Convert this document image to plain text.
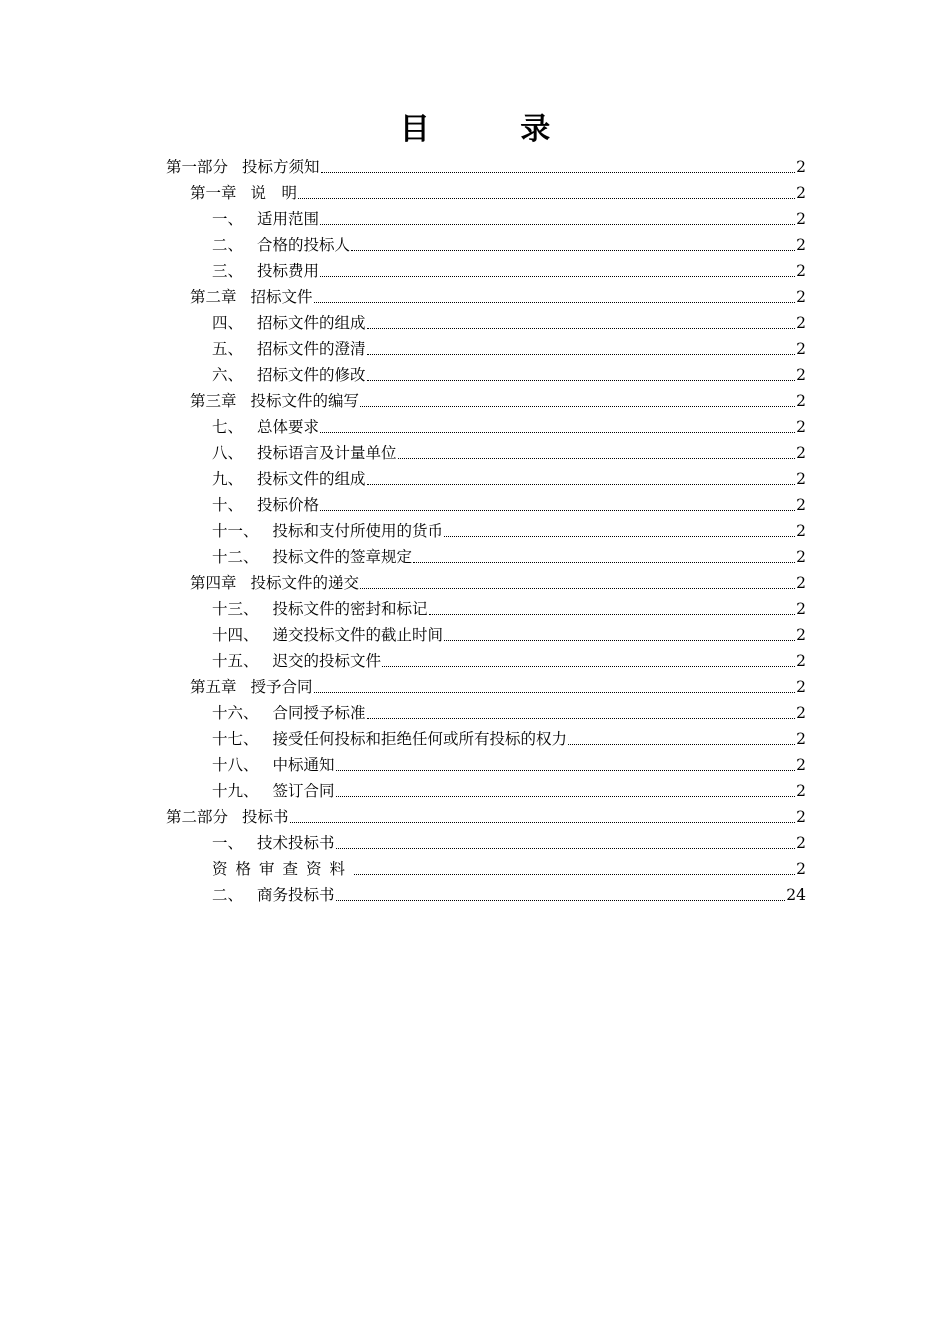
目 录
第一部分 投标方须知	2
第一章 说　明	2
一、 适用范围	2
二、 合格的投标人	2
三、 投标费用	2
第二章 招标文件	2
四、 招标文件的组成	2
五、 招标文件的澄清	2
六、 招标文件的修改	2
第三章 投标文件的编写	2
七、 总体要求	2
八、 投标语言及计量单位	2
九、 投标文件的组成	2
十、 投标价格	2
十一、 投标和支付所使用的货币	2
十二、 投标文件的签章规定	2
第四章 投标文件的递交	2
十三、 投标文件的密封和标记	2
十四、 递交投标文件的截止时间	2
十五、 迟交的投标文件	2
第五章 授予合同	2
十六、 合同授予标准	2
十七、 接受任何投标和拒绝任何或所有投标的权力	2
十八、 中标通知	2
十九、 签订合同	2
第二部分 投标书	2
一、 技术投标书	2
资格审查资料	2
二、 商务投标书	24
